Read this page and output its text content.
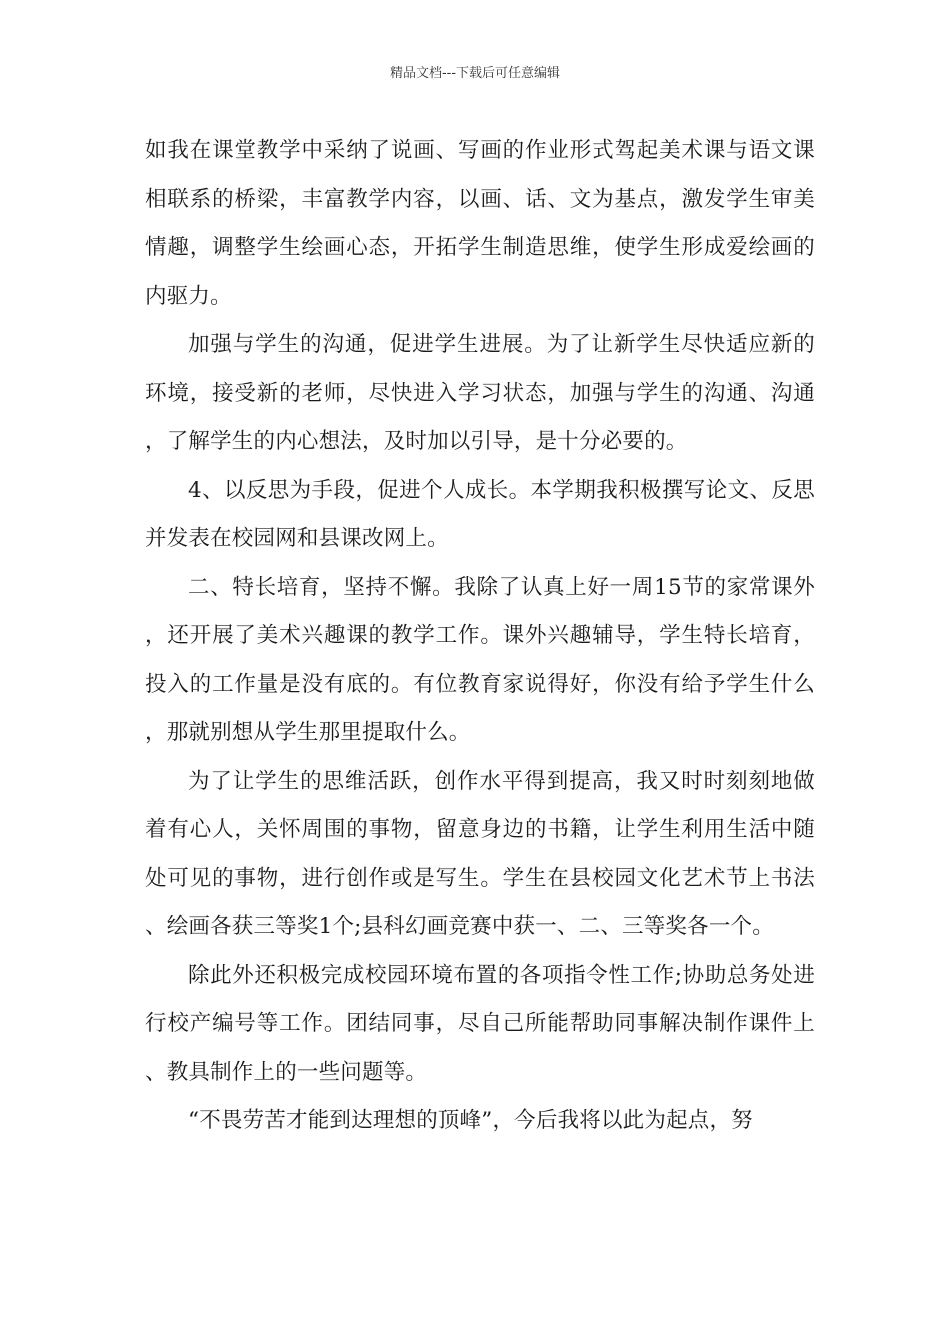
精品文档---下载后可任意编辑

如我在课堂教学中采纳了说画、写画的作业形式驾起美术课与语文课相联系的桥梁，丰富教学内容，以画、话、文为基点，激发学生审美情趣，调整学生绘画心态，开拓学生制造思维，使学生形成爱绘画的内驱力。

加强与学生的沟通，促进学生进展。为了让新学生尽快适应新的环境，接受新的老师，尽快进入学习状态，加强与学生的沟通、沟通，了解学生的内心想法，及时加以引导，是十分必要的。

4、以反思为手段，促进个人成长。本学期我积极撰写论文、反思并发表在校园网和县课改网上。

二、特长培育，坚持不懈。我除了认真上好一周15节的家常课外，还开展了美术兴趣课的教学工作。课外兴趣辅导，学生特长培育，投入的工作量是没有底的。有位教育家说得好，你没有给予学生什么，那就别想从学生那里提取什么。

为了让学生的思维活跃，创作水平得到提高，我又时时刻刻地做着有心人，关怀周围的事物，留意身边的书籍，让学生利用生活中随处可见的事物，进行创作或是写生。学生在县校园文化艺术节上书法、绘画各获三等奖1个;县科幻画竞赛中获一、二、三等奖各一个。

除此外还积极完成校园环境布置的各项指令性工作;协助总务处进行校产编号等工作。团结同事，尽自己所能帮助同事解决制作课件上、教具制作上的一些问题等。

“不畏劳苦才能到达理想的顶峰”，今后我将以此为起点，努
